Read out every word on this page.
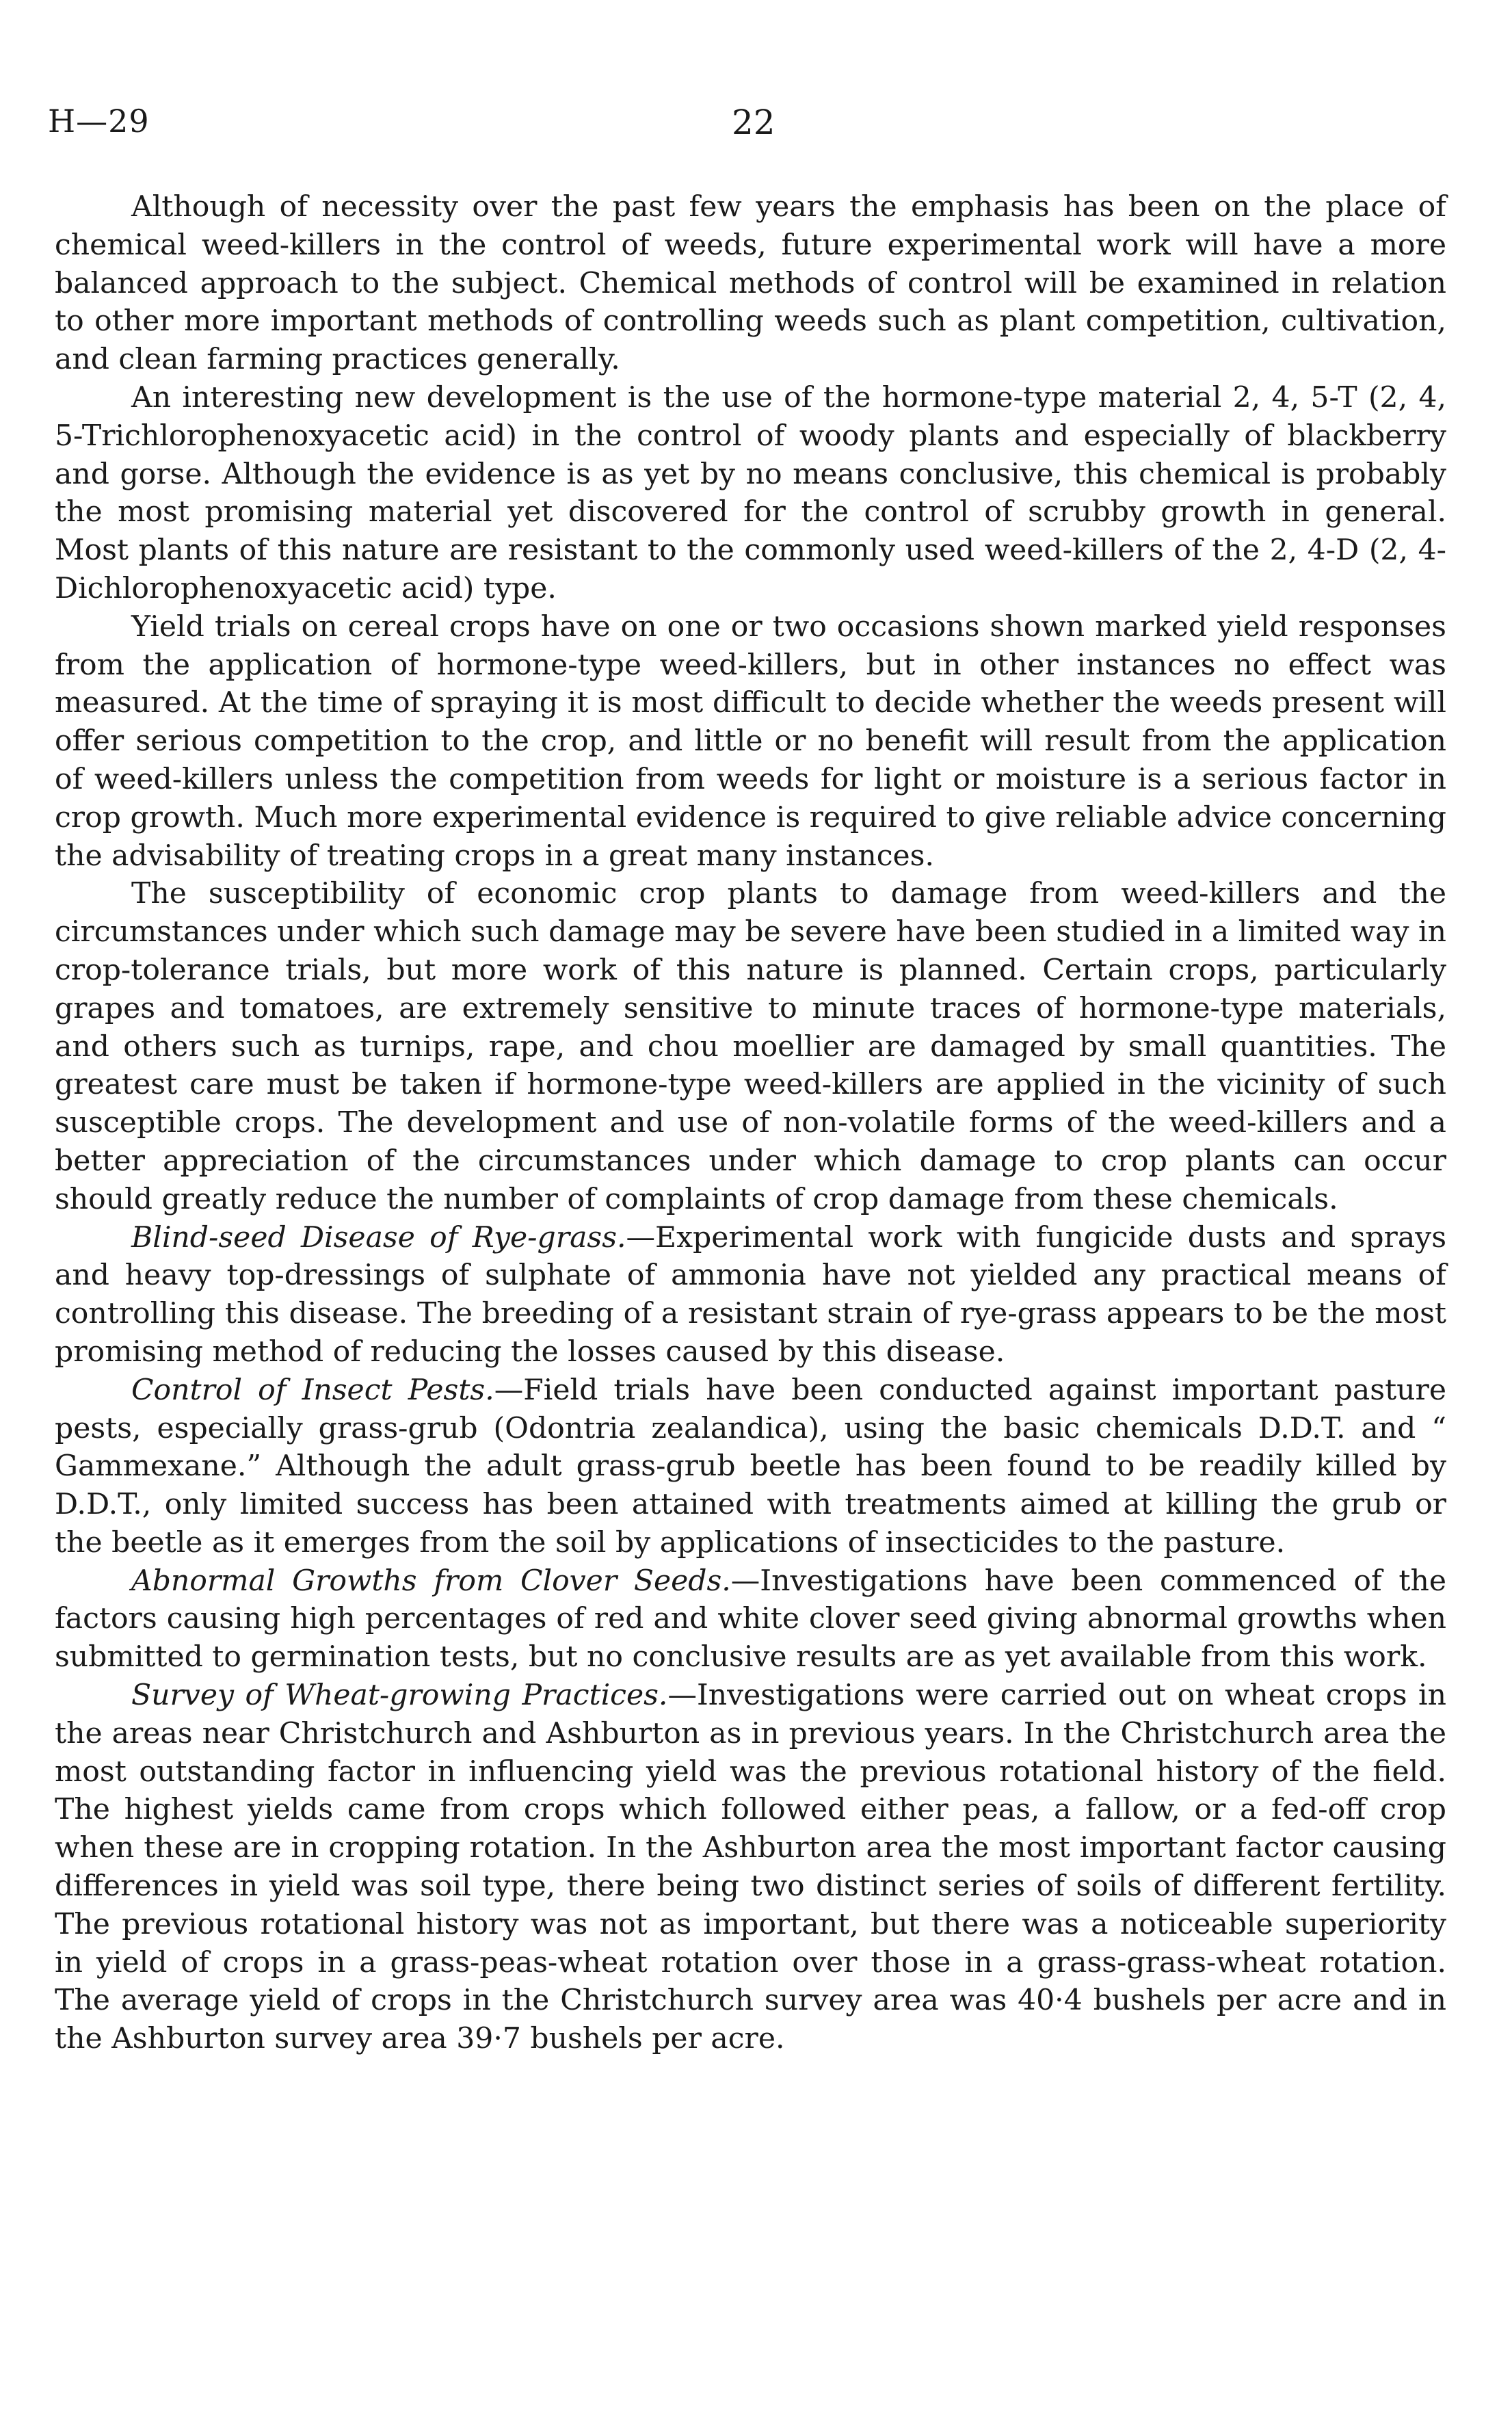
H—29	22

Although of necessity over the past few years the emphasis has been on the place of chemical weed-killers in the control of weeds, future experimental work will have a more balanced approach to the subject. Chemical methods of control will be examined in relation to other more important methods of controlling weeds such as plant competition, cultivation, and clean farming practices generally.

An interesting new development is the use of the hormone-type material 2, 4, 5-T (2, 4, 5-Trichlorophenoxyacetic acid) in the control of woody plants and especially of blackberry and gorse. Although the evidence is as yet by no means conclusive, this chemical is probably the most promising material yet discovered for the control of scrubby growth in general. Most plants of this nature are resistant to the commonly used weed-killers of the 2, 4-D (2, 4-Dichlorophenoxyacetic acid) type.

Yield trials on cereal crops have on one or two occasions shown marked yield responses from the application of hormone-type weed-killers, but in other instances no effect was measured. At the time of spraying it is most difficult to decide whether the weeds present will offer serious competition to the crop, and little or no benefit will result from the application of weed-killers unless the competition from weeds for light or moisture is a serious factor in crop growth. Much more experimental evidence is required to give reliable advice concerning the advisability of treating crops in a great many instances.

The susceptibility of economic crop plants to damage from weed-killers and the circumstances under which such damage may be severe have been studied in a limited way in crop-tolerance trials, but more work of this nature is planned. Certain crops, particularly grapes and tomatoes, are extremely sensitive to minute traces of hormone-type materials, and others such as turnips, rape, and chou moellier are damaged by small quantities. The greatest care must be taken if hormone-type weed-killers are applied in the vicinity of such susceptible crops. The development and use of non-volatile forms of the weed-killers and a better appreciation of the circumstances under which damage to crop plants can occur should greatly reduce the number of complaints of crop damage from these chemicals.

Blind-seed Disease of Rye-grass.—Experimental work with fungicide dusts and sprays and heavy top-dressings of sulphate of ammonia have not yielded any practical means of controlling this disease. The breeding of a resistant strain of rye-grass appears to be the most promising method of reducing the losses caused by this disease.

Control of Insect Pests.—Field trials have been conducted against important pasture pests, especially grass-grub (Odontria zealandica), using the basic chemicals D.D.T. and “ Gammexane.” Although the adult grass-grub beetle has been found to be readily killed by D.D.T., only limited success has been attained with treatments aimed at killing the grub or the beetle as it emerges from the soil by applications of insecticides to the pasture.

Abnormal Growths from Clover Seeds.—Investigations have been commenced of the factors causing high percentages of red and white clover seed giving abnormal growths when submitted to germination tests, but no conclusive results are as yet available from this work.

Survey of Wheat-growing Practices.—Investigations were carried out on wheat crops in the areas near Christchurch and Ashburton as in previous years. In the Christchurch area the most outstanding factor in influencing yield was the previous rotational history of the field. The highest yields came from crops which followed either peas, a fallow, or a fed-off crop when these are in cropping rotation. In the Ashburton area the most important factor causing differences in yield was soil type, there being two distinct series of soils of different fertility. The previous rotational history was not as important, but there was a noticeable superiority in yield of crops in a grass-peas-wheat rotation over those in a grass-grass-wheat rotation. The average yield of crops in the Christchurch survey area was 40·4 bushels per acre and in the Ashburton survey area 39·7 bushels per acre.
